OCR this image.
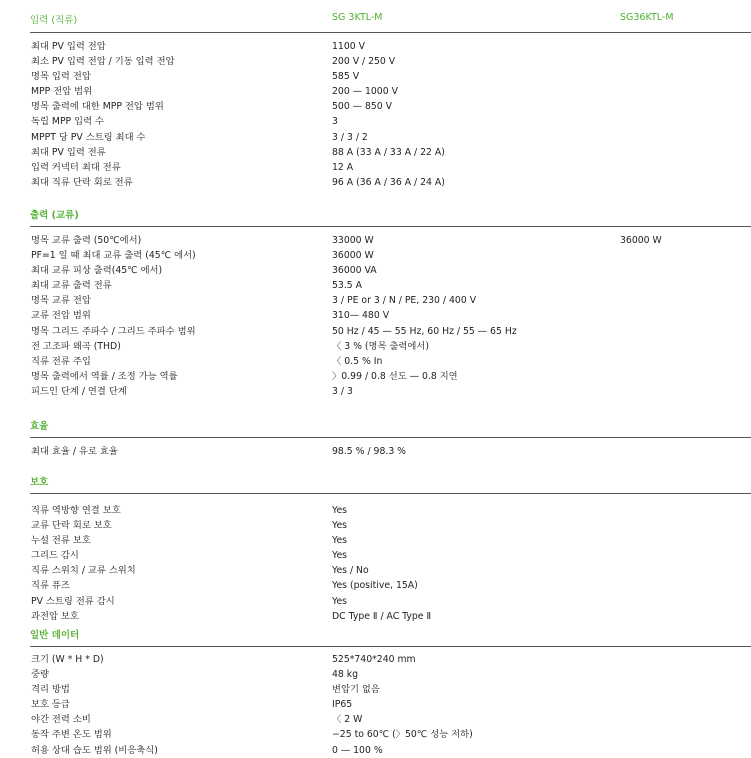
입력 (직류)	SG 3KTL-M	SG36KTL-M
최대 PV 입력 전압	1100 V
최소 PV 입력 전압 / 기동 입력 전압	200 V / 250 V
명목 입력 전압	585 V
MPP 전압 범위	200 — 1000 V
명목 출력에 대한 MPP 전압 범위	500 — 850 V
독립 MPP 입력 수	3
MPPT 당 PV 스트링 최대 수	3 / 3 / 2
최대 PV 입력 전류	88 A (33 A / 33 A / 22 A)
입력 커넥터 최대 전류	12 A
최대 직류 단락 회로 전류	96 A (36 A / 36 A / 24 A)
출력 (교류)
명목 교류 출력 (50℃에서)	33000 W	36000 W
PF=1 일 때 최대 교류 출력 (45℃ 에서)	36000 W
최대 교류 피상 출력(45℃ 에서)	36000 VA
최대 교류 출력 전류	53.5 A
명목 교류 전압	3 / PE or 3 / N / PE, 230 / 400 V
교류 전압 범위	310— 480 V
명목 그리드 주파수 / 그리드 주파수 범위	50 Hz / 45 — 55 Hz, 60 Hz / 55 — 65 Hz
전 고조파 왜곡 (THD)	〈 3 % (명목 출력에서)
직류 전류 주입	〈 0.5 % In
명목 출력에서 역률 / 조정 가능 역률	〉0.99 / 0.8 선도 — 0.8 지연
피드인 단계 / 연결 단계	3 / 3
효율
최대 효율 / 유로 효율	98.5 % / 98.3 %
보호
직류 역방향 연결 보호	Yes
교류 단락 회로 보호	Yes
누설 전류 보호	Yes
그리드 감시	Yes
직류 스위치 / 교류 스위치	Yes / No
직류 퓨즈	Yes (positive, 15A)
PV 스트링 전류 감시	Yes
과전압 보호	DC Type Ⅱ / AC Type Ⅱ
일반 데이터
크기 (W * H * D)	525*740*240 mm
중량	48 kg
격리 방법	변압기 없음
보호 등급	IP65
야간 전력 소비	〈 2 W
동작 주변 온도 범위	−25 to 60℃ (〉50℃ 성능 저하)
허용 상대 습도 범위 (비응축식)	0 — 100 %
